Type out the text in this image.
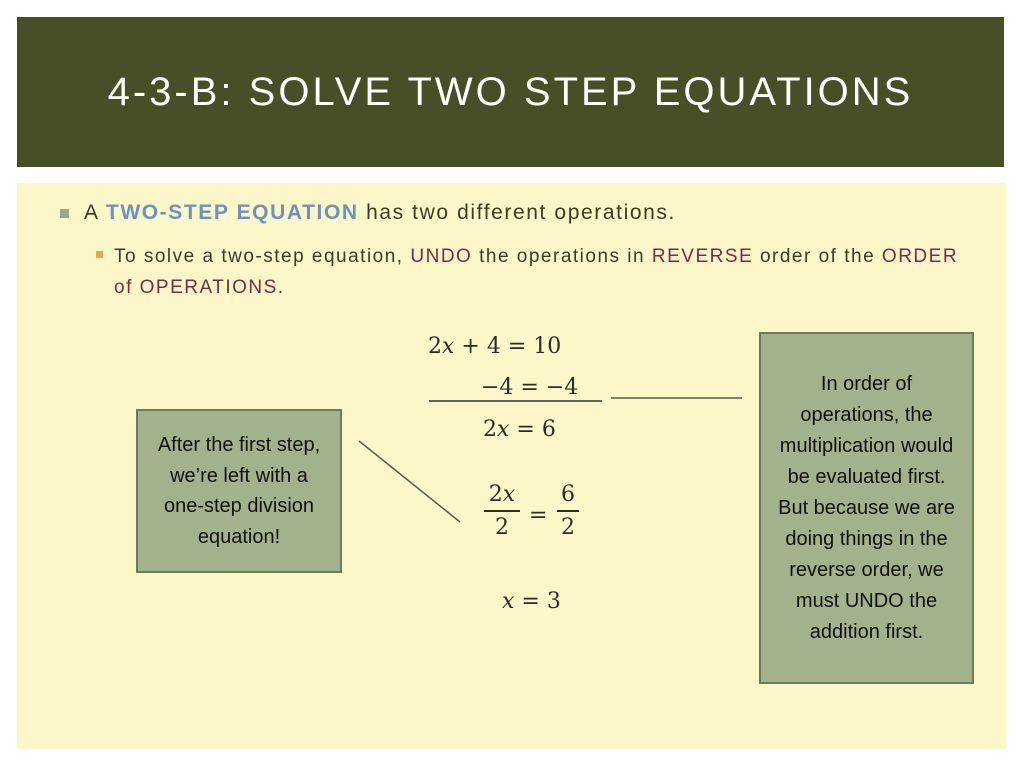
4-3-B: SOLVE TWO STEP EQUATIONS
A TWO-STEP EQUATION has two different operations.
To solve a two-step equation, UNDO the operations in REVERSE order of the ORDER of OPERATIONS.
2x + 4 = 10
−4 = −4
2x = 6
2x
2 =
6
2
x = 3
After the first step, we’re left with a one-step division equation!
In order of operations, the multiplication would be evaluated first. But because we are doing things in the reverse order, we must UNDO the addition first.
